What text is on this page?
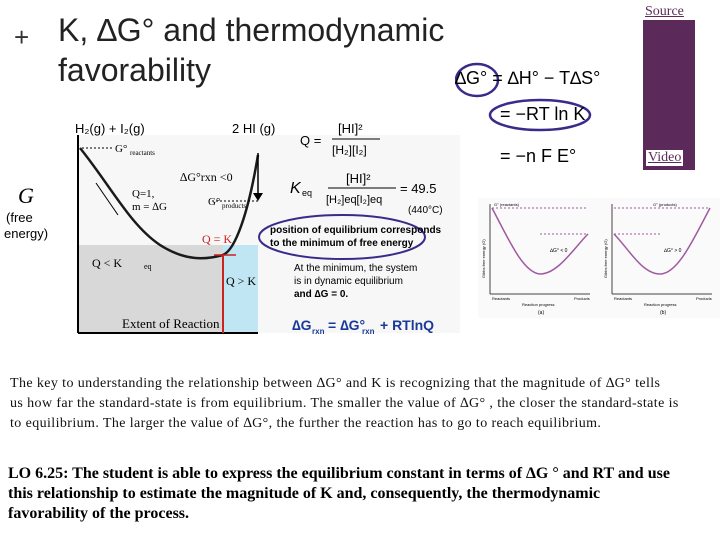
+ K, ∆G° and thermodynamic
favorability
Source
Video
∆G° = ∆H° − T∆S°
= −RT ln K
= −n F E°
H₂(g) + I₂(g)	2 HI (g)
Q =
[HI]²
[H₂][I₂]
G° reactants
∆G°rxn <0
Q=1,
m = ∆G	G° products
K eq
[HI]²
[H₂]eq[I₂]eq
= 49.5
(440°C)
G
(free
energy)	Q = K
Q < K
Q > K
eq
position of equilibrium corresponds
to the minimum of free energy
At the minimum, the system
is in dynamic equilibrium
and ∆G = 0.
Extent of Reaction	∆G rxn = ∆G°
rxn + RTlnQ
G° (reactants)	G° (products)
∆G° < 0	∆G° > 0
Reactants	Products	Reactants	Products
Reaction progress	Reaction progress
(a)	(b)
Gibbs free energy (G)	Gibbs free energy (G)
The key to understanding the relationship between ∆G° and K is recognizing that the magnitude of ∆G° tells
us how far the standard-state is from equilibrium. The smaller the value of ∆G° , the closer the standard-state is
to equilibrium. The larger the value of ∆G°, the further the reaction has to go to reach equilibrium.
LO 6.25: The student is able to express the equilibrium constant in terms of ∆G ° and RT and use
this relationship to estimate the magnitude of K and, consequently, the thermodynamic
favorability of the process.
